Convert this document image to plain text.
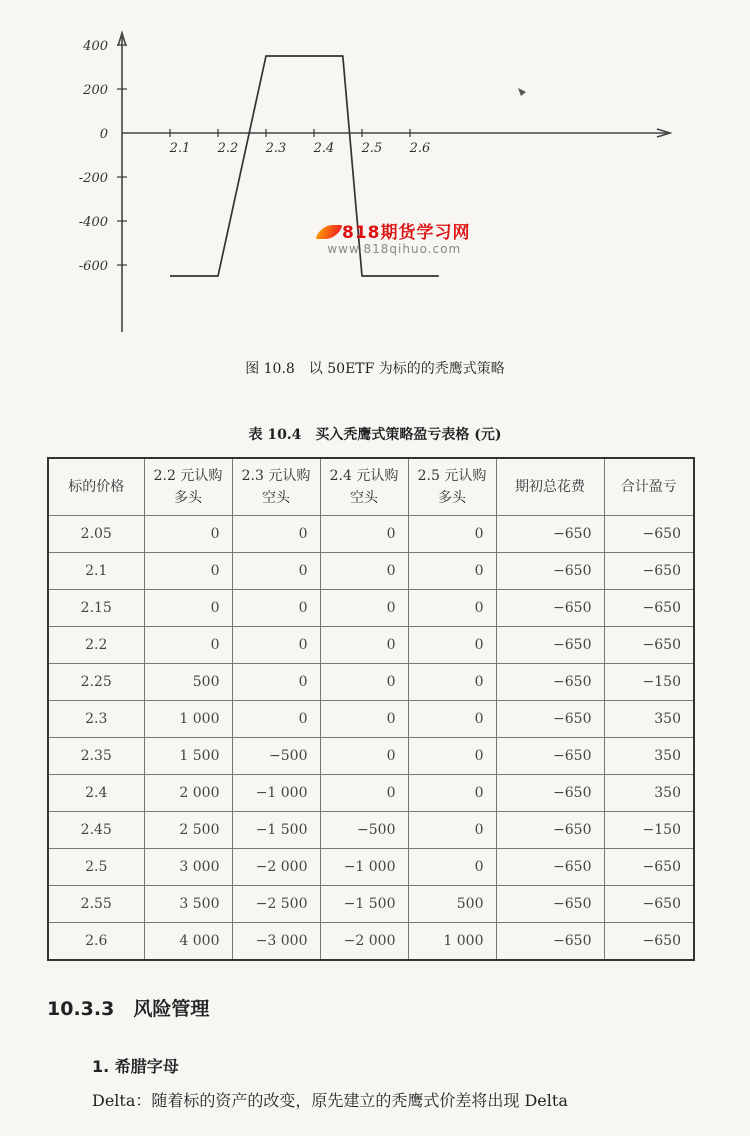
400
200
0
-200
-400
-600
2.1 2.2 2.3 2.4 2.5 2.6
818期货学习网
www.818qihuo.com
图 10.8　以 50ETF 为标的的秃鹰式策略
表 10.4　买入秃鹰式策略盈亏表格 (元)
标的价格	2.2 元认购多头	2.3 元认购空头	2.4 元认购空头	2.5 元认购多头	期初总花费	合计盈亏
2.05	0	0	0	0	−650	−650
2.1	0	0	0	0	−650	−650
2.15	0	0	0	0	−650	−650
2.2	0	0	0	0	−650	−650
2.25	500	0	0	0	−650	−150
2.3	1 000	0	0	0	−650	350
2.35	1 500	−500	0	0	−650	350
2.4	2 000	−1 000	0	0	−650	350
2.45	2 500	−1 500	−500	0	−650	−150
2.5	3 000	−2 000	−1 000	0	−650	−650
2.55	3 500	−2 500	−1 500	500	−650	−650
2.6	4 000	−3 000	−2 000	1 000	−650	−650
10.3.3　风险管理
1. 希腊字母

Delta：随着标的资产的改变，原先建立的秃鹰式价差将出现 Delta
